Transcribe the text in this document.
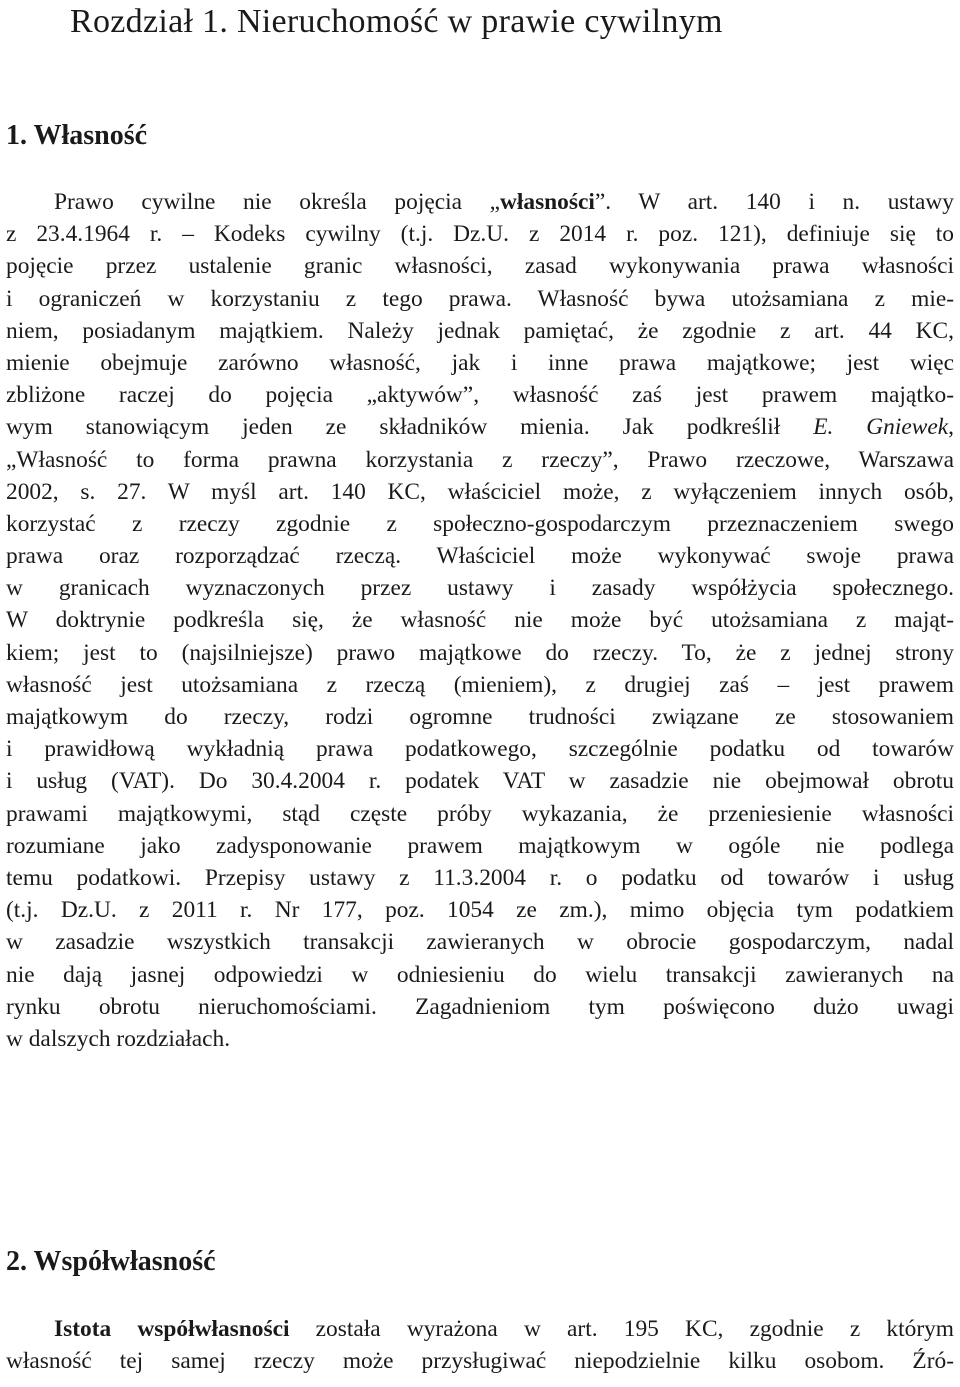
Rozdział 1. Nieruchomość w prawie cywilnym
1. Własność
Prawo cywilne nie określa pojęcia „własności”. W art. 140 i n. ustawy
z 23.4.1964 r. – Kodeks cywilny (t.j. Dz.U. z 2014 r. poz. 121), definiuje się to
pojęcie przez ustalenie granic własności, zasad wykonywania prawa własności
i ograniczeń w korzystaniu z tego prawa. Własność bywa utożsamiana z mie-
niem, posiadanym majątkiem. Należy jednak pamiętać, że zgodnie z art. 44 KC,
mienie obejmuje zarówno własność, jak i inne prawa majątkowe; jest więc
zbliżone raczej do pojęcia „aktywów”, własność zaś jest prawem majątko-
wym stanowiącym jeden ze składników mienia. Jak podkreślił E. Gniewek,
„Własność to forma prawna korzystania z rzeczy”, Prawo rzeczowe, Warszawa
2002, s. 27. W myśl art. 140 KC, właściciel może, z wyłączeniem innych osób,
korzystać z rzeczy zgodnie z społeczno-gospodarczym przeznaczeniem swego
prawa oraz rozporządzać rzeczą. Właściciel może wykonywać swoje prawa
w granicach wyznaczonych przez ustawy i zasady współżycia społecznego.
W doktrynie podkreśla się, że własność nie może być utożsamiana z mająt-
kiem; jest to (najsilniejsze) prawo majątkowe do rzeczy. To, że z jednej strony
własność jest utożsamiana z rzeczą (mieniem), z drugiej zaś – jest prawem
majątkowym do rzeczy, rodzi ogromne trudności związane ze stosowaniem
i prawidłową wykładnią prawa podatkowego, szczególnie podatku od towarów
i usług (VAT). Do 30.4.2004 r. podatek VAT w zasadzie nie obejmował obrotu
prawami majątkowymi, stąd częste próby wykazania, że przeniesienie własności
rozumiane jako zadysponowanie prawem majątkowym w ogóle nie podlega
temu podatkowi. Przepisy ustawy z 11.3.2004 r. o podatku od towarów i usług
(t.j. Dz.U. z 2011 r. Nr 177, poz. 1054 ze zm.), mimo objęcia tym podatkiem
w zasadzie wszystkich transakcji zawieranych w obrocie gospodarczym, nadal
nie dają jasnej odpowiedzi w odniesieniu do wielu transakcji zawieranych na
rynku obrotu nieruchomościami. Zagadnieniom tym poświęcono dużo uwagi
w dalszych rozdziałach.
2. Współwłasność
Istota współwłasności została wyrażona w art. 195 KC, zgodnie z którym
własność tej samej rzeczy może przysługiwać niepodzielnie kilku osobom. Źró-
